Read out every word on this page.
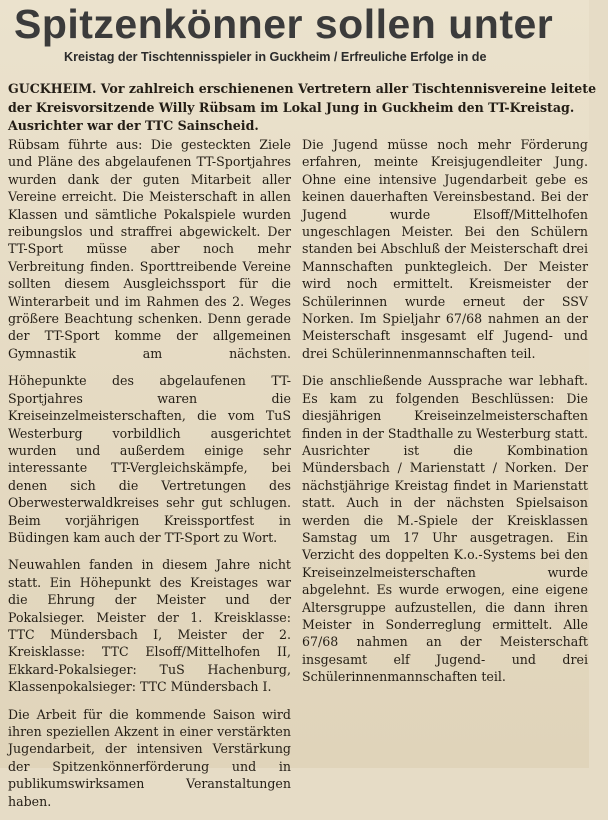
Spitzenkönner sollen unter
Kreistag der Tischtennisspieler in Guckheim / Erfreuliche Erfolge in de

GUCKHEIM. Vor zahlreich erschienenen Vertretern aller Tischtennisvereine leitete

der Kreisvorsitzende Willy Rübsam im Lokal Jung in Guckheim den TT-Kreistag.

Ausrichter war der TTC Sainscheid.

Rübsam führte aus: Die gesteckten Ziele und Pläne des abgelaufenen TT-Sportjahres wurden dank der guten Mitarbeit aller Vereine erreicht. Die Meisterschaft in allen Klassen und sämtliche Pokalspiele wurden reibungslos und straffrei abgewickelt. Der TT-Sport müsse aber noch mehr Verbreitung finden. Sporttreibende Vereine sollten diesem Ausgleichssport für die Winterarbeit und im Rahmen des 2. Weges größere Beachtung schenken. Denn gerade der TT-Sport komme der allgemeinen Gymnastik am nächsten.

Höhepunkte des abgelaufenen TT-Sportjahres waren die Kreiseinzelmeisterschaften, die vom TuS Westerburg vorbildlich ausgerichtet wurden und außerdem einige sehr interessante TT-Vergleichskämpfe, bei denen sich die Vertretungen des Oberwesterwaldkreises sehr gut schlugen. Beim vorjährigen Kreissportfest in Büdingen kam auch der TT-Sport zu Wort.

Neuwahlen fanden in diesem Jahre nicht statt. Ein Höhepunkt des Kreistages war die Ehrung der Meister und der Pokalsieger. Meister der 1. Kreisklasse: TTC Mündersbach I, Meister der 2. Kreisklasse: TTC Elsoff/Mittelhofen II, Ekkard-Pokalsieger: TuS Hachenburg, Klassenpokalsieger: TTC Mündersbach I.

Die Arbeit für die kommende Saison wird ihren speziellen Akzent in einer verstärkten Jugendarbeit, der intensiven Verstärkung der Spitzenkönnerförderung und in publikumswirksamen Veranstaltungen haben.

Die Jugend müsse noch mehr Förderung erfahren, meinte Kreisjugendleiter Jung. Ohne eine intensive Jugendarbeit gebe es keinen dauerhaften Vereinsbestand. Bei der Jugend wurde Elsoff/Mittelhofen ungeschlagen Meister. Bei den Schülern standen bei Abschluß der Meisterschaft drei Mannschaften punktegleich. Der Meister wird noch ermittelt. Kreismeister der Schülerinnen wurde erneut der SSV Norken. Im Spieljahr 67/68 nahmen an der Meisterschaft insgesamt elf Jugend- und drei Schülerinnenmannschaften teil.

Die anschließende Aussprache war lebhaft. Es kam zu folgenden Beschlüssen: Die diesjährigen Kreiseinzelmeisterschaften finden in der Stadthalle zu Westerburg statt. Ausrichter ist die Kombination Mündersbach / Marienstatt / Norken. Der nächstjährige Kreistag findet in Marienstatt statt. Auch in der nächsten Spielsaison werden die M.-Spiele der Kreisklassen Samstag um 17 Uhr ausgetragen. Ein Verzicht des doppelten K.o.-Systems bei den Kreiseinzelmeisterschaften wurde abgelehnt. Es wurde erwogen, eine eigene Altersgruppe aufzustellen, die dann ihren Meister in Sonderreglung ermittelt. Alle 67/68 nahmen an der Meisterschaft insgesamt elf Jugend- und drei Schülerinnenmannschaften teil.
